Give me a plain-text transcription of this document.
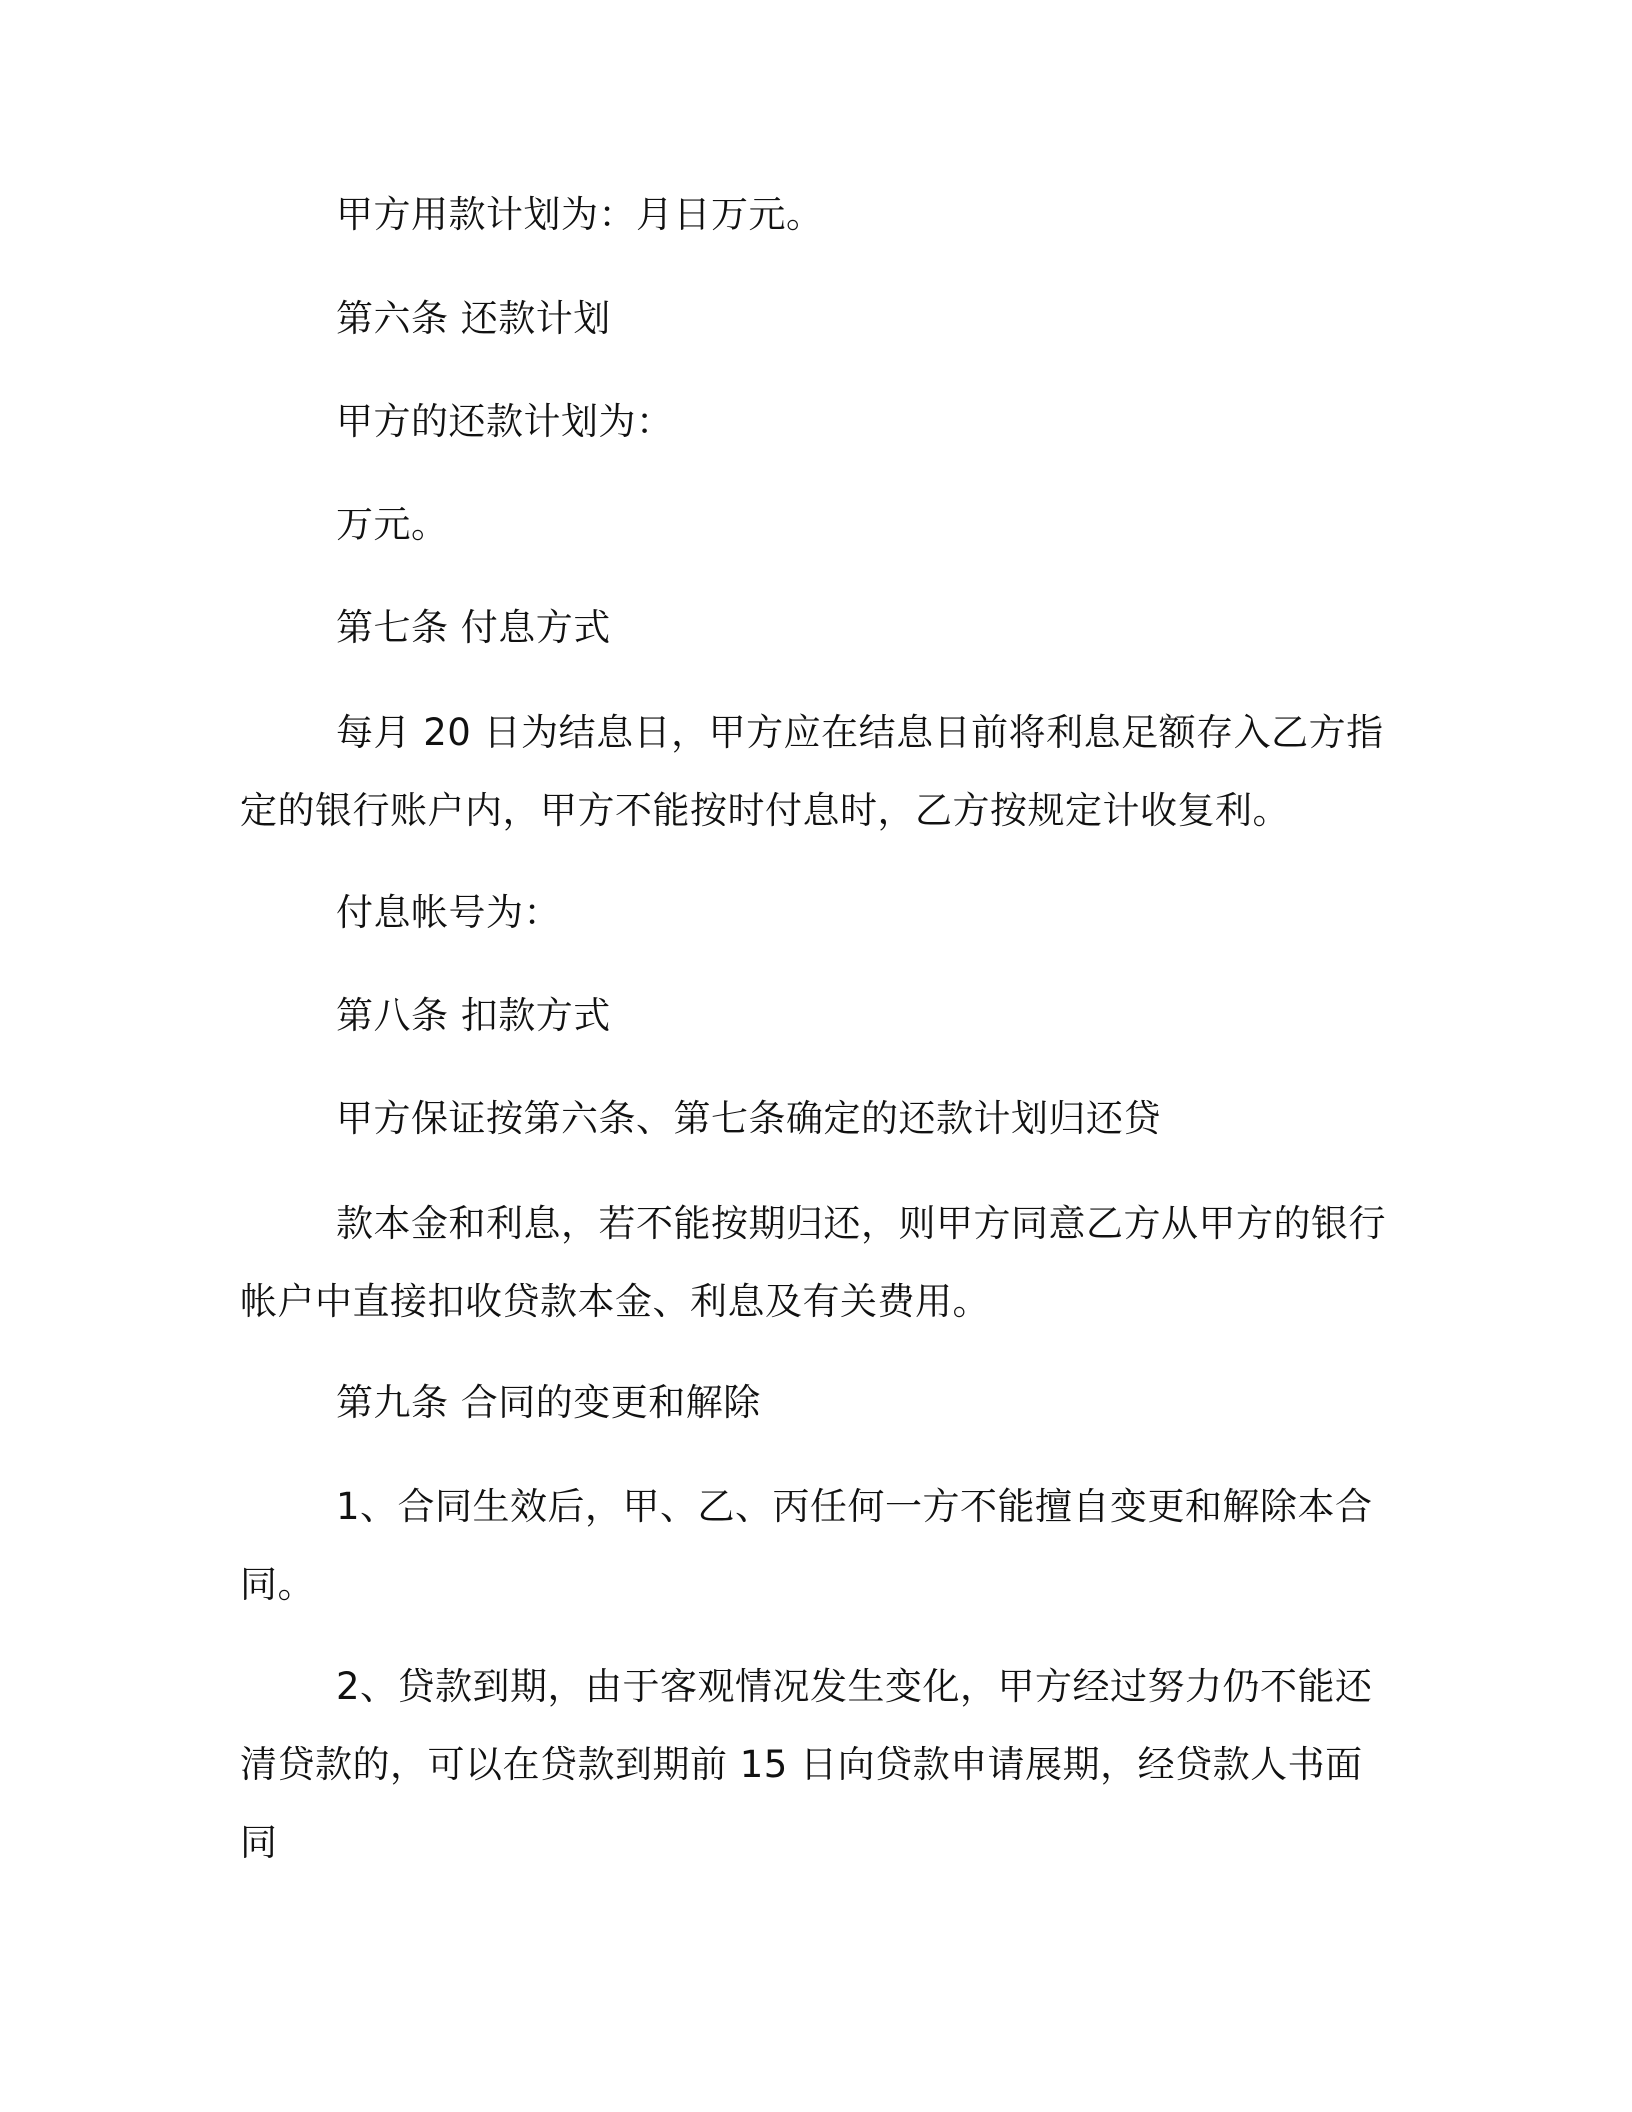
甲方用款计划为：月日万元。

第六条 还款计划

甲方的还款计划为：

万元。

第七条 付息方式

每月 20 日为结息日，甲方应在结息日前将利息足额存入乙方指定的银行账户内，甲方不能按时付息时，乙方按规定计收复利。

付息帐号为：

第八条 扣款方式

甲方保证按第六条、第七条确定的还款计划归还贷

款本金和利息，若不能按期归还，则甲方同意乙方从甲方的银行帐户中直接扣收贷款本金、利息及有关费用。

第九条 合同的变更和解除

1、合同生效后，甲、乙、丙任何一方不能擅自变更和解除本合同。

2、贷款到期，由于客观情况发生变化，甲方经过努力仍不能还清贷款的，可以在贷款到期前 15 日向贷款申请展期，经贷款人书面同
